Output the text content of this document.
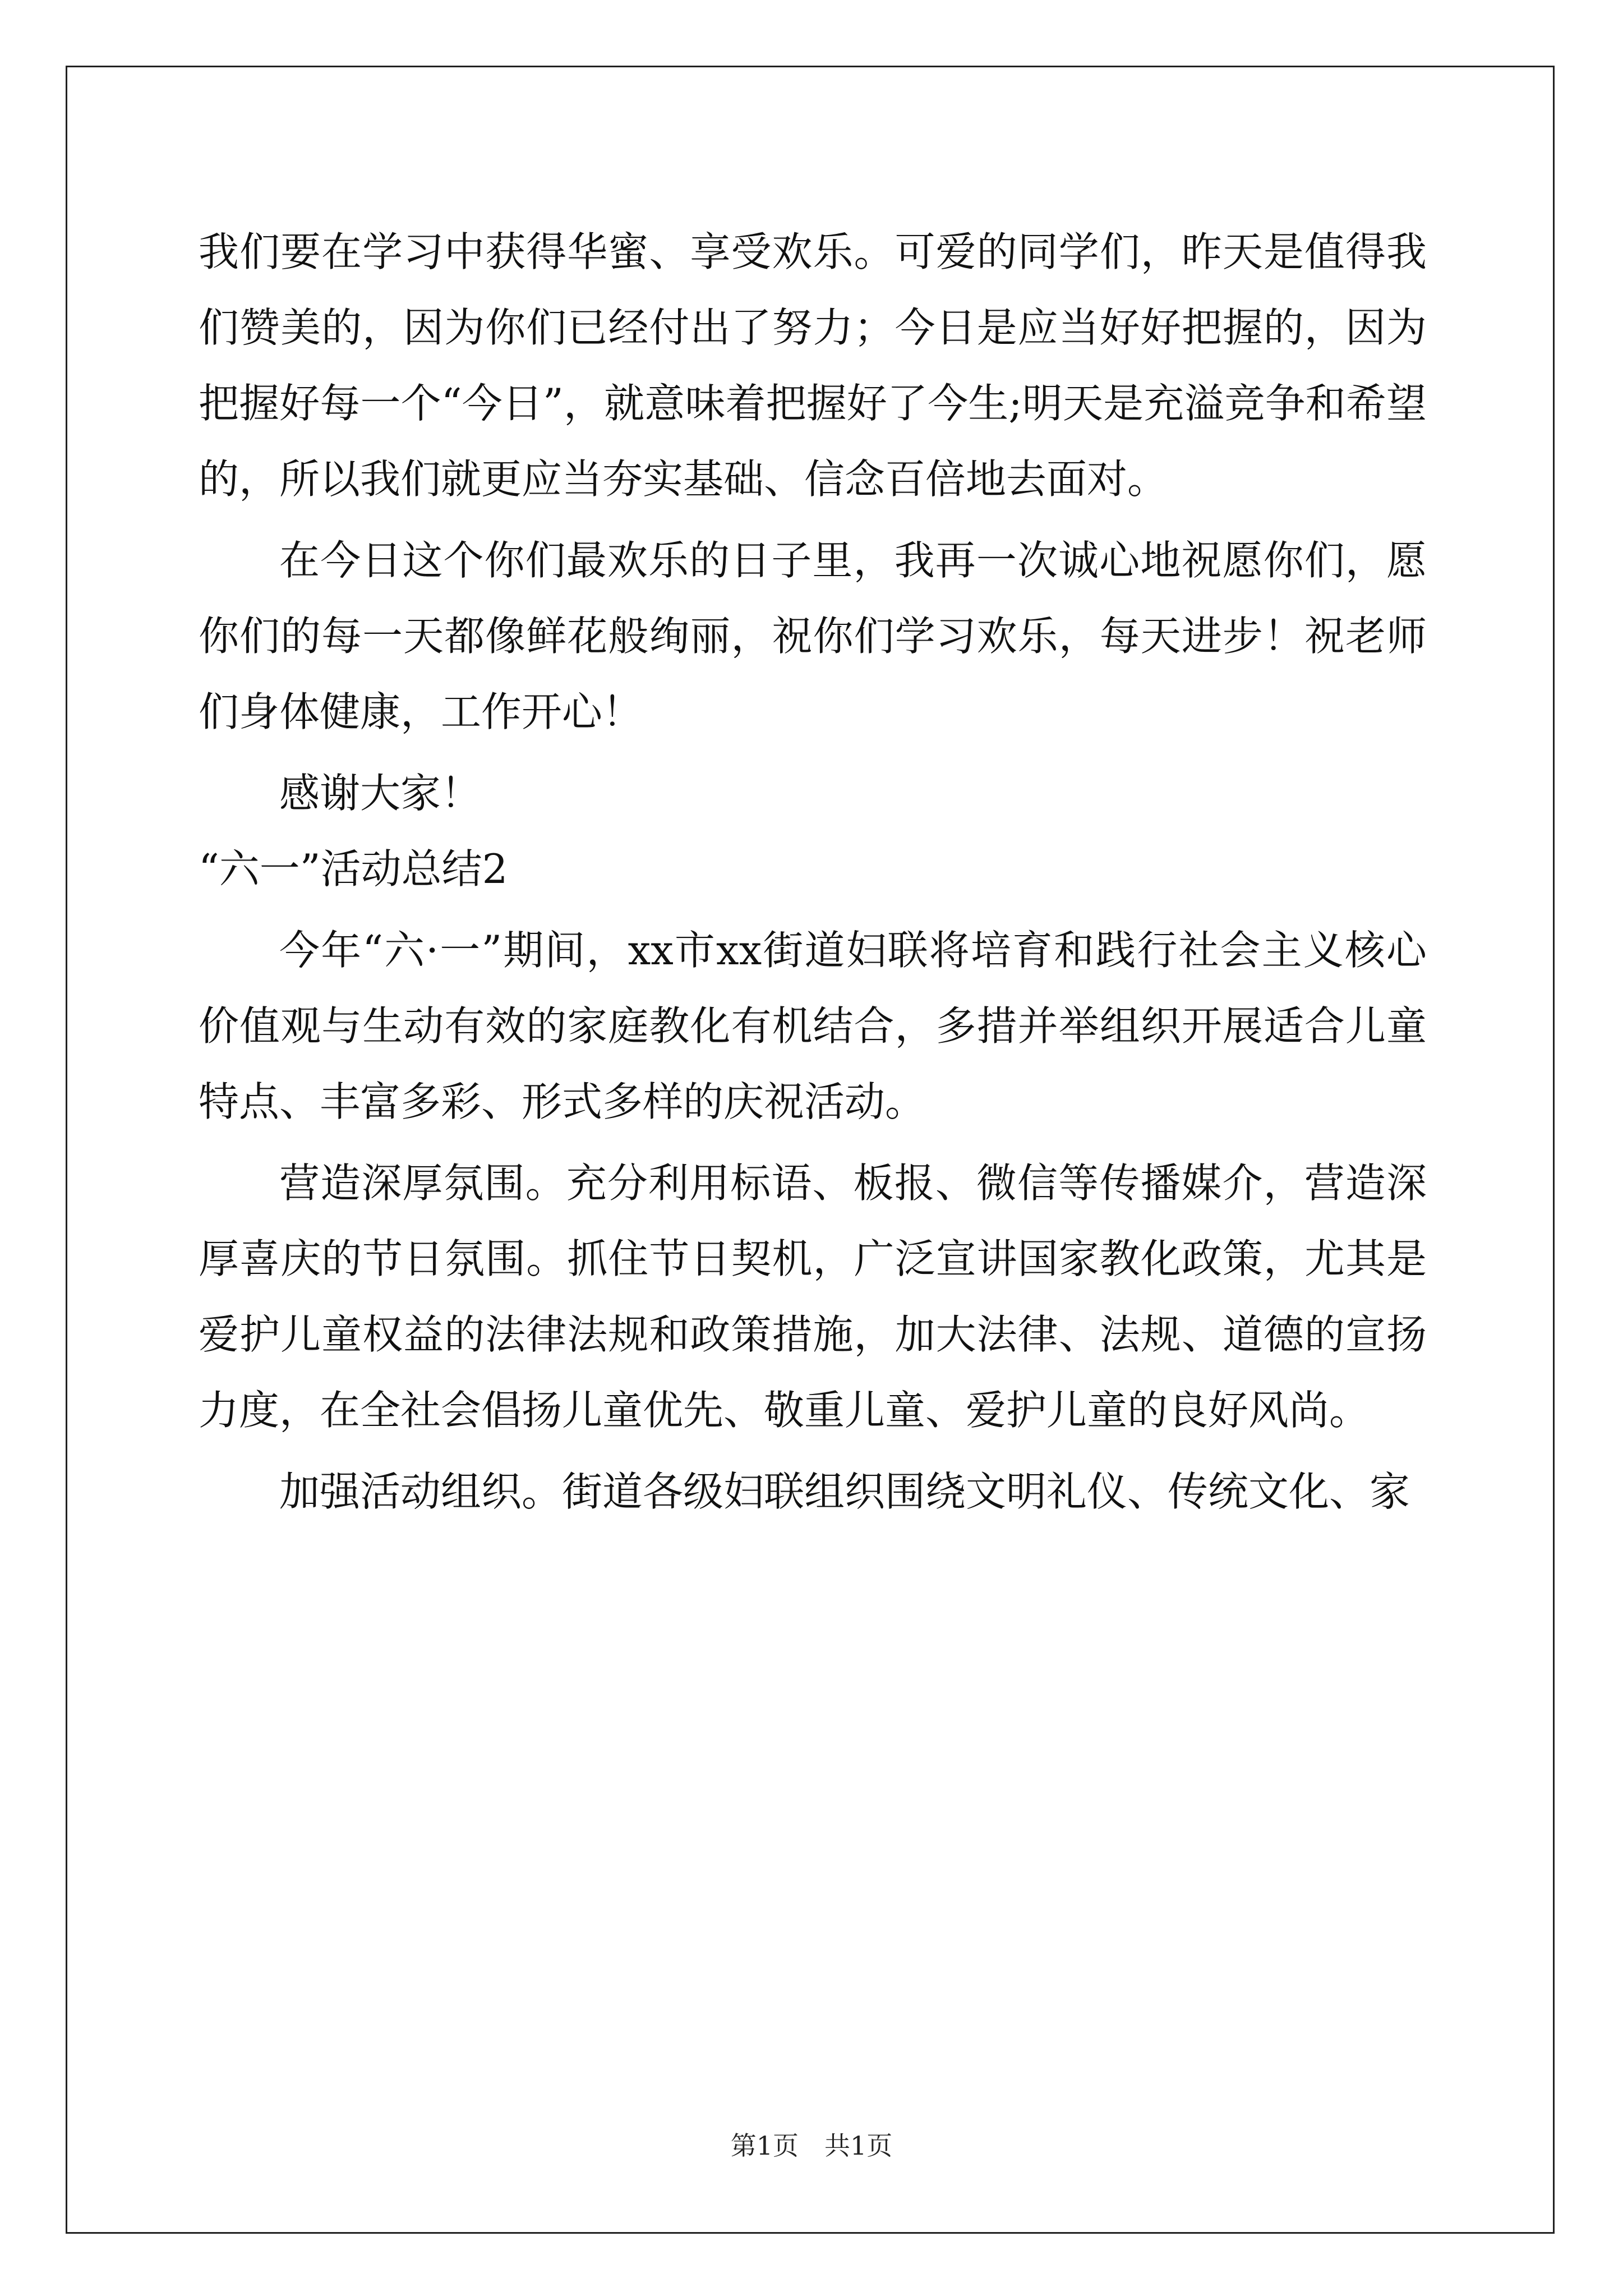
我们要在学习中获得华蜜、享受欢乐。可爱的同学们，昨天是值得我们赞美的，因为你们已经付出了努力；今日是应当好好把握的，因为把握好每一个“今日”，就意味着把握好了今生;明天是充溢竞争和希望的，所以我们就更应当夯实基础、信念百倍地去面对。

在今日这个你们最欢乐的日子里，我再一次诚心地祝愿你们，愿你们的每一天都像鲜花般绚丽，祝你们学习欢乐，每天进步！祝老师们身体健康，工作开心！

感谢大家！

“六一”活动总结2

今年“六·一”期间，xx市xx街道妇联将培育和践行社会主义核心价值观与生动有效的家庭教化有机结合，多措并举组织开展适合儿童特点、丰富多彩、形式多样的庆祝活动。

营造深厚氛围。充分利用标语、板报、微信等传播媒介，营造深厚喜庆的节日氛围。抓住节日契机，广泛宣讲国家教化政策，尤其是爱护儿童权益的法律法规和政策措施，加大法律、法规、道德的宣扬力度，在全社会倡扬儿童优先、敬重儿童、爱护儿童的良好风尚。

加强活动组织。街道各级妇联组织围绕文明礼仪、传统文化、家

第1页　共1页
